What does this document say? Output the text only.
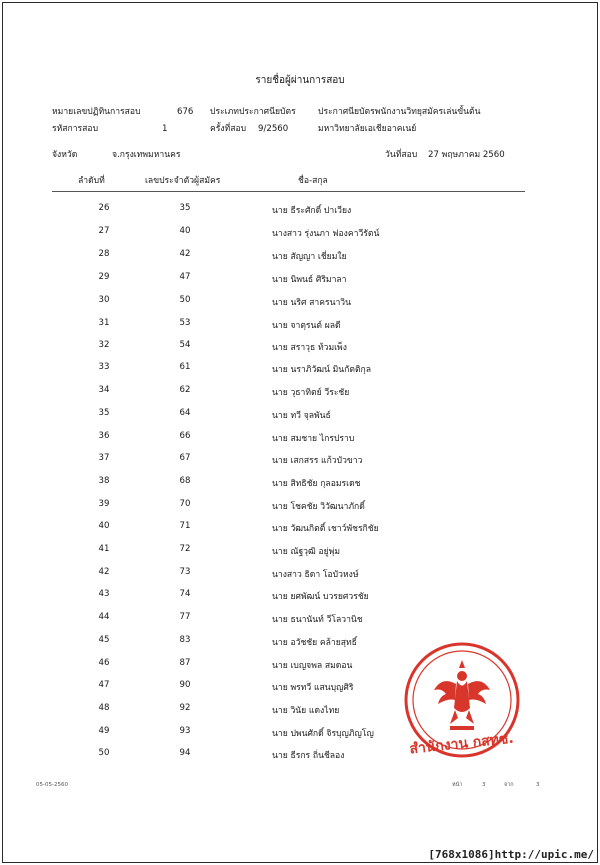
รายชื่อผู้ผ่านการสอบ
หมายเลขปฏิทินการสอบ	676 ประเภทประกาศนียบัตร	ประกาศนียบัตรพนักงานวิทยุสมัครเล่นขั้นต้น
รหัสการสอบ	1	ครั้งที่สอบ 9/2560	มหาวิทยาลัยเอเชียอาคเนย์
จังหวัด	จ.กรุงเทพมหานคร	วันที่สอบ 27 พฤษภาคม 2560
ลำดับที่	เลขประจำตัวผู้สมัคร	ชื่อ-สกุล
26	35	นาย ธีระศักดิ์ ปาเวียง
27	40	นางสาว รุ่งนภา ฟองคาวีรัตน์
28	42	นาย สัญญา เชี่ยมใย
29	47	นาย นิพนธ์ ศิริมาลา
30	50	นาย นริศ สาครนาวิน
31	53	นาย จาตุรนต์ ผลดี
32	54	นาย สราวุธ ท้วมเพ็ง
33	61	นาย นราภิวัฒน์ มินกัตติกุล
34	62	นาย วุธาทิตย์ วีระชัย
35	64	นาย ทวี จุลพันธ์
36	66	นาย สมชาย ไกรปราบ
37	67	นาย เสกสรร แก้วบัวขาว
38	68	นาย สิทธิชัย กุลอมรเดช
39	70	นาย โชคชัย วิวัฒนาภักดิ์
40	71	นาย วัฒนกิตติ์ เชาว์พัชรกิชัย
41	72	นาย ณัฐวุฒิ อยู่พุ่ม
42	73	นางสาว ธิดา โอบัวหงษ์
43	74	นาย ยศพัฒน์ บวรยศวรชัย
44	77	นาย ธนานันท์ วีโลวานิช
45	83	นาย อวัชชัย คล้ายสุทธิ์
46	87	นาย เบญจพล สมดอน
47	90	นาย พรทวี แสนบุญศิริ
48	92	นาย วินัย แดงไทย
49	93	นาย ปพนศักดิ์ จิรบุญภิญโญ
50	94	นาย ธีรกร ถิ่นชีลอง	สำนักงาน กสทช.
05-05-2560	หน้า	3	จาก	3
[768x1086]http://upic.me/
